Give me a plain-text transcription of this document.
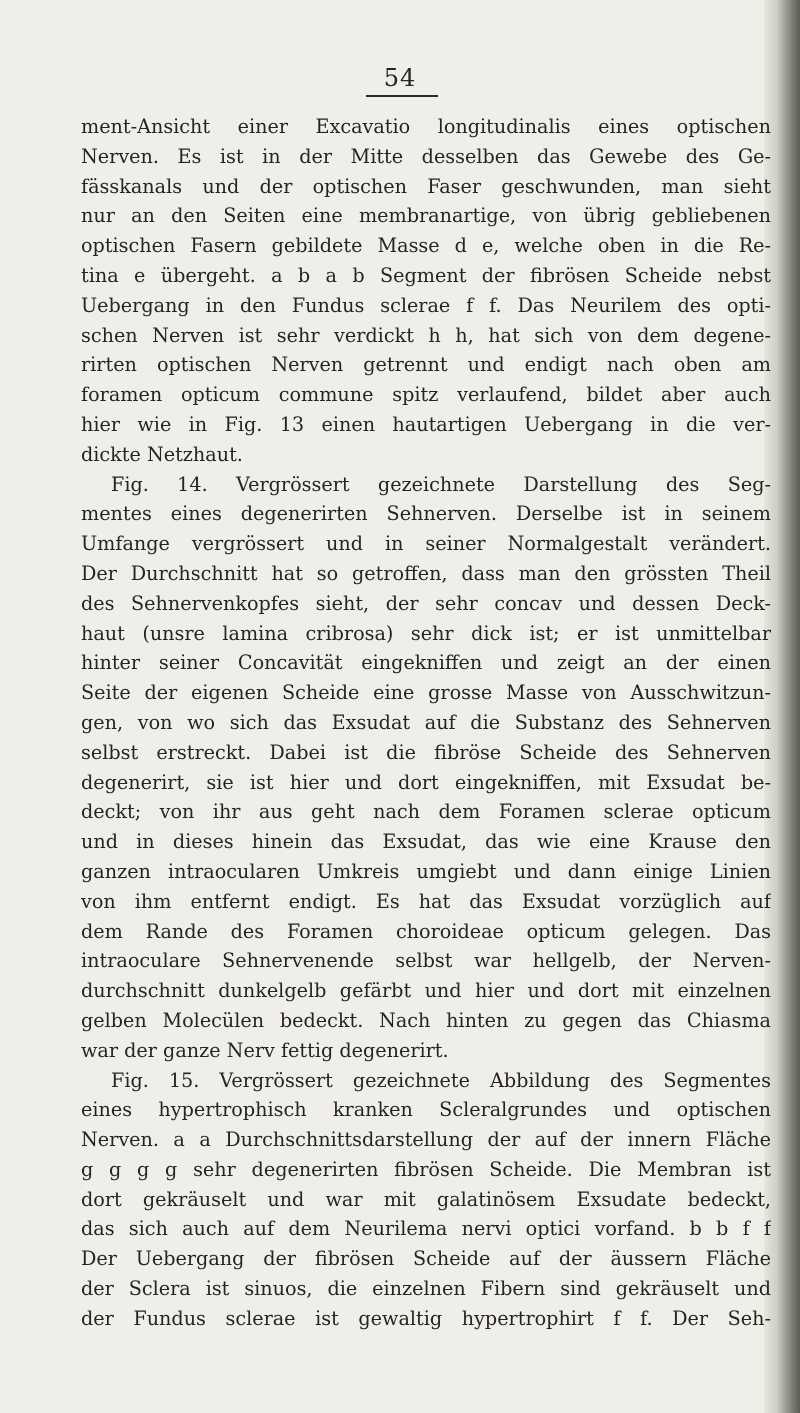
54
ment-Ansicht einer Excavatio longitudinalis eines optischen
Nerven. Es ist in der Mitte desselben das Gewebe des Ge-
fässkanals und der optischen Faser geschwunden, man sieht
nur an den Seiten eine membranartige, von übrig gebliebenen
optischen Fasern gebildete Masse d e, welche oben in die Re-
tina e übergeht. a b a b Segment der fibrösen Scheide nebst
Uebergang in den Fundus sclerae f f. Das Neurilem des opti-
schen Nerven ist sehr verdickt h h, hat sich von dem degene-
rirten optischen Nerven getrennt und endigt nach oben am
foramen opticum commune spitz verlaufend, bildet aber auch
hier wie in Fig. 13 einen hautartigen Uebergang in die ver-
dickte Netzhaut.
Fig. 14. Vergrössert gezeichnete Darstellung des Seg-
mentes eines degenerirten Sehnerven. Derselbe ist in seinem
Umfange vergrössert und in seiner Normalgestalt verändert.
Der Durchschnitt hat so getroffen, dass man den grössten Theil
des Sehnervenkopfes sieht, der sehr concav und dessen Deck-
haut (unsre lamina cribrosa) sehr dick ist; er ist unmittelbar
hinter seiner Concavität eingekniffen und zeigt an der einen
Seite der eigenen Scheide eine grosse Masse von Ausschwitzun-
gen, von wo sich das Exsudat auf die Substanz des Sehnerven
selbst erstreckt. Dabei ist die fibröse Scheide des Sehnerven
degenerirt, sie ist hier und dort eingekniffen, mit Exsudat be-
deckt; von ihr aus geht nach dem Foramen sclerae opticum
und in dieses hinein das Exsudat, das wie eine Krause den
ganzen intraocularen Umkreis umgiebt und dann einige Linien
von ihm entfernt endigt. Es hat das Exsudat vorzüglich auf
dem Rande des Foramen choroideae opticum gelegen. Das
intraoculare Sehnervenende selbst war hellgelb, der Nerven-
durchschnitt dunkelgelb gefärbt und hier und dort mit einzelnen
gelben Molecülen bedeckt. Nach hinten zu gegen das Chiasma
war der ganze Nerv fettig degenerirt.
Fig. 15. Vergrössert gezeichnete Abbildung des Segmentes
eines hypertrophisch kranken Scleralgrundes und optischen
Nerven. a a Durchschnittsdarstellung der auf der innern Fläche
g g g g sehr degenerirten fibrösen Scheide. Die Membran ist
dort gekräuselt und war mit galatinösem Exsudate bedeckt,
das sich auch auf dem Neurilema nervi optici vorfand. b b f f
Der Uebergang der fibrösen Scheide auf der äussern Fläche
der Sclera ist sinuos, die einzelnen Fibern sind gekräuselt und
der Fundus sclerae ist gewaltig hypertrophirt f f. Der Seh-
